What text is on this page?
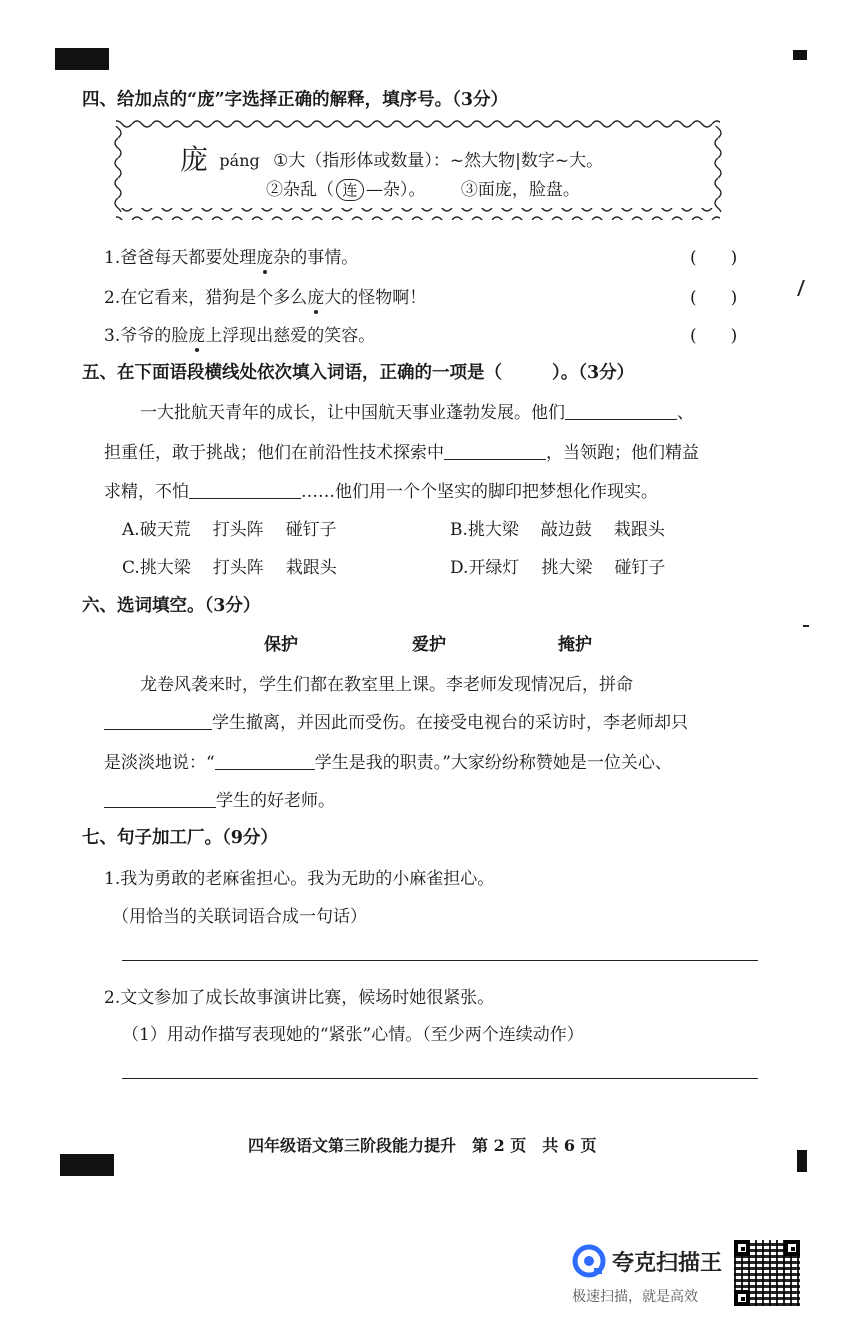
四、给加点的“庞”字选择正确的解释，填序号。（3分）
庞 páng ①大（指形体或数量）：~然大物|数字~大。
②杂乱（ 连 —杂）。 ③面庞，脸盘。
1.爸爸每天都要处理庞杂的事情。	(　　)
2.在它看来，猎狗是个多么庞大的怪物啊！	(　　)
3.爷爷的脸庞上浮现出慈爱的笑容。	(　　)
五、在下面语段横线处依次填入词语，正确的一项是（	）。（3分）
一大批航天青年的成长，让中国航天事业蓬勃发展。他们	、
担重任，敢于挑战；他们在前沿性技术探索中	，当领跑；他们精益
求精，不怕	……他们用一个个坚实的脚印把梦想化作现实。
A.破天荒 打头阵 碰钉子	B.挑大梁 敲边鼓 栽跟头
C.挑大梁 打头阵 栽跟头	D.开绿灯 挑大梁 碰钉子
六、选词填空。（3分）
保护	爱护	掩护
龙卷风袭来时，学生们都在教室里上课。李老师发现情况后，拼命
学生撤离，并因此而受伤。在接受电视台的采访时，李老师却只
是淡淡地说：“	学生是我的职责。”大家纷纷称赞她是一位关心、
学生的好老师。
七、句子加工厂。（9分）
1.我为勇敢的老麻雀担心。我为无助的小麻雀担心。
（用恰当的关联词语合成一句话）
2.文文参加了成长故事演讲比赛，候场时她很紧张。
（1）用动作描写表现她的“紧张”心情。（至少两个连续动作）
四年级语文第三阶段能力提升　第 2 页　共 6 页
夸克扫描王
极速扫描，就是高效
